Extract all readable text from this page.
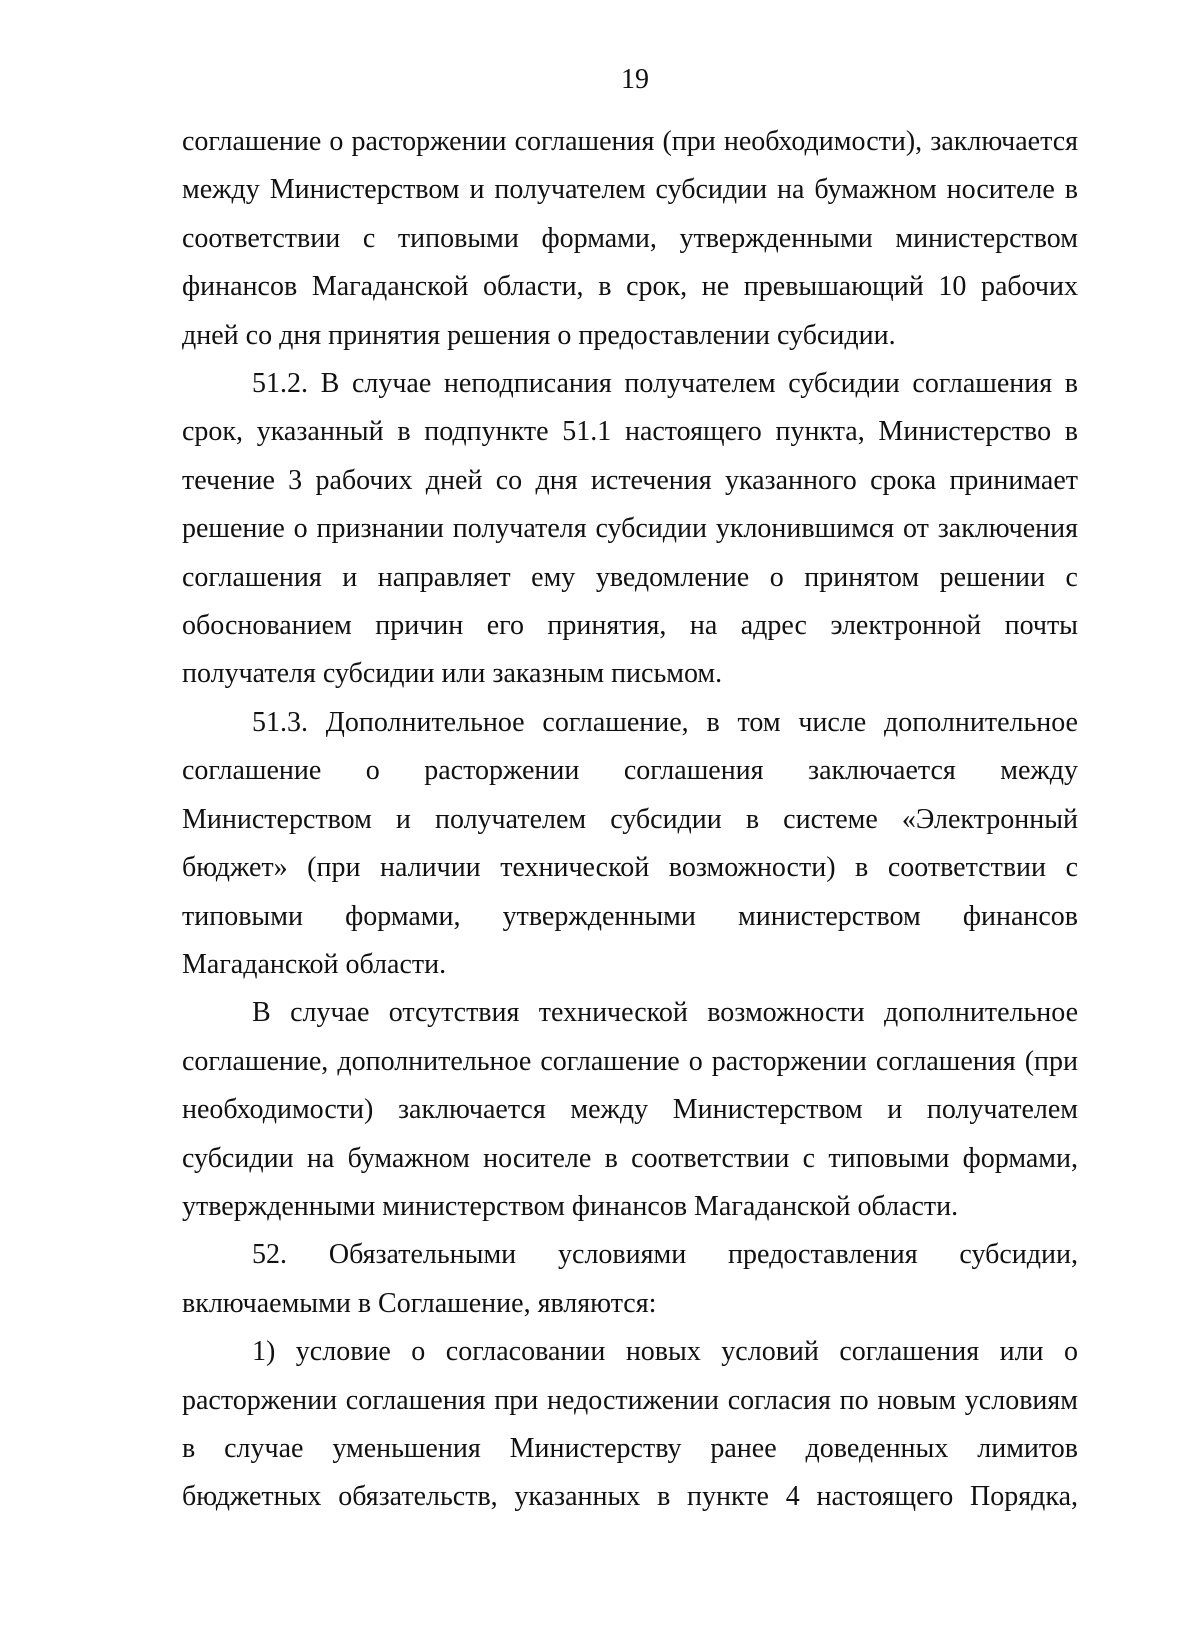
19

соглашение о расторжении соглашения (при необходимости), заключается между Министерством и получателем субсидии на бумажном носителе в соответствии с типовыми формами, утвержденными министерством финансов Магаданской области, в срок, не превышающий 10 рабочих дней со дня принятия решения о предоставлении субсидии.

51.2. В случае неподписания получателем субсидии соглашения в срок, указанный в подпункте 51.1 настоящего пункта, Министерство в течение 3 рабочих дней со дня истечения указанного срока принимает решение о признании получателя субсидии уклонившимся от заключения соглашения и направляет ему уведомление о принятом решении с обоснованием причин его принятия, на адрес электронной почты получателя субсидии или заказным письмом.

51.3. Дополнительное соглашение, в том числе дополнительное соглашение о расторжении соглашения заключается между Министерством и получателем субсидии в системе «Электронный бюджет» (при наличии технической возможности) в соответствии с типовыми формами, утвержденными министерством финансов Магаданской области.

В случае отсутствия технической возможности дополнительное соглашение, дополнительное соглашение о расторжении соглашения (при необходимости) заключается между Министерством и получателем субсидии на бумажном носителе в соответствии с типовыми формами, утвержденными министерством финансов Магаданской области.

52. Обязательными условиями предоставления субсидии, включаемыми в Соглашение, являются:

1) условие о согласовании новых условий соглашения или о расторжении соглашения при недостижении согласия по новым условиям в случае уменьшения Министерству ранее доведенных лимитов бюджетных обязательств, указанных в пункте 4 настоящего Порядка,
